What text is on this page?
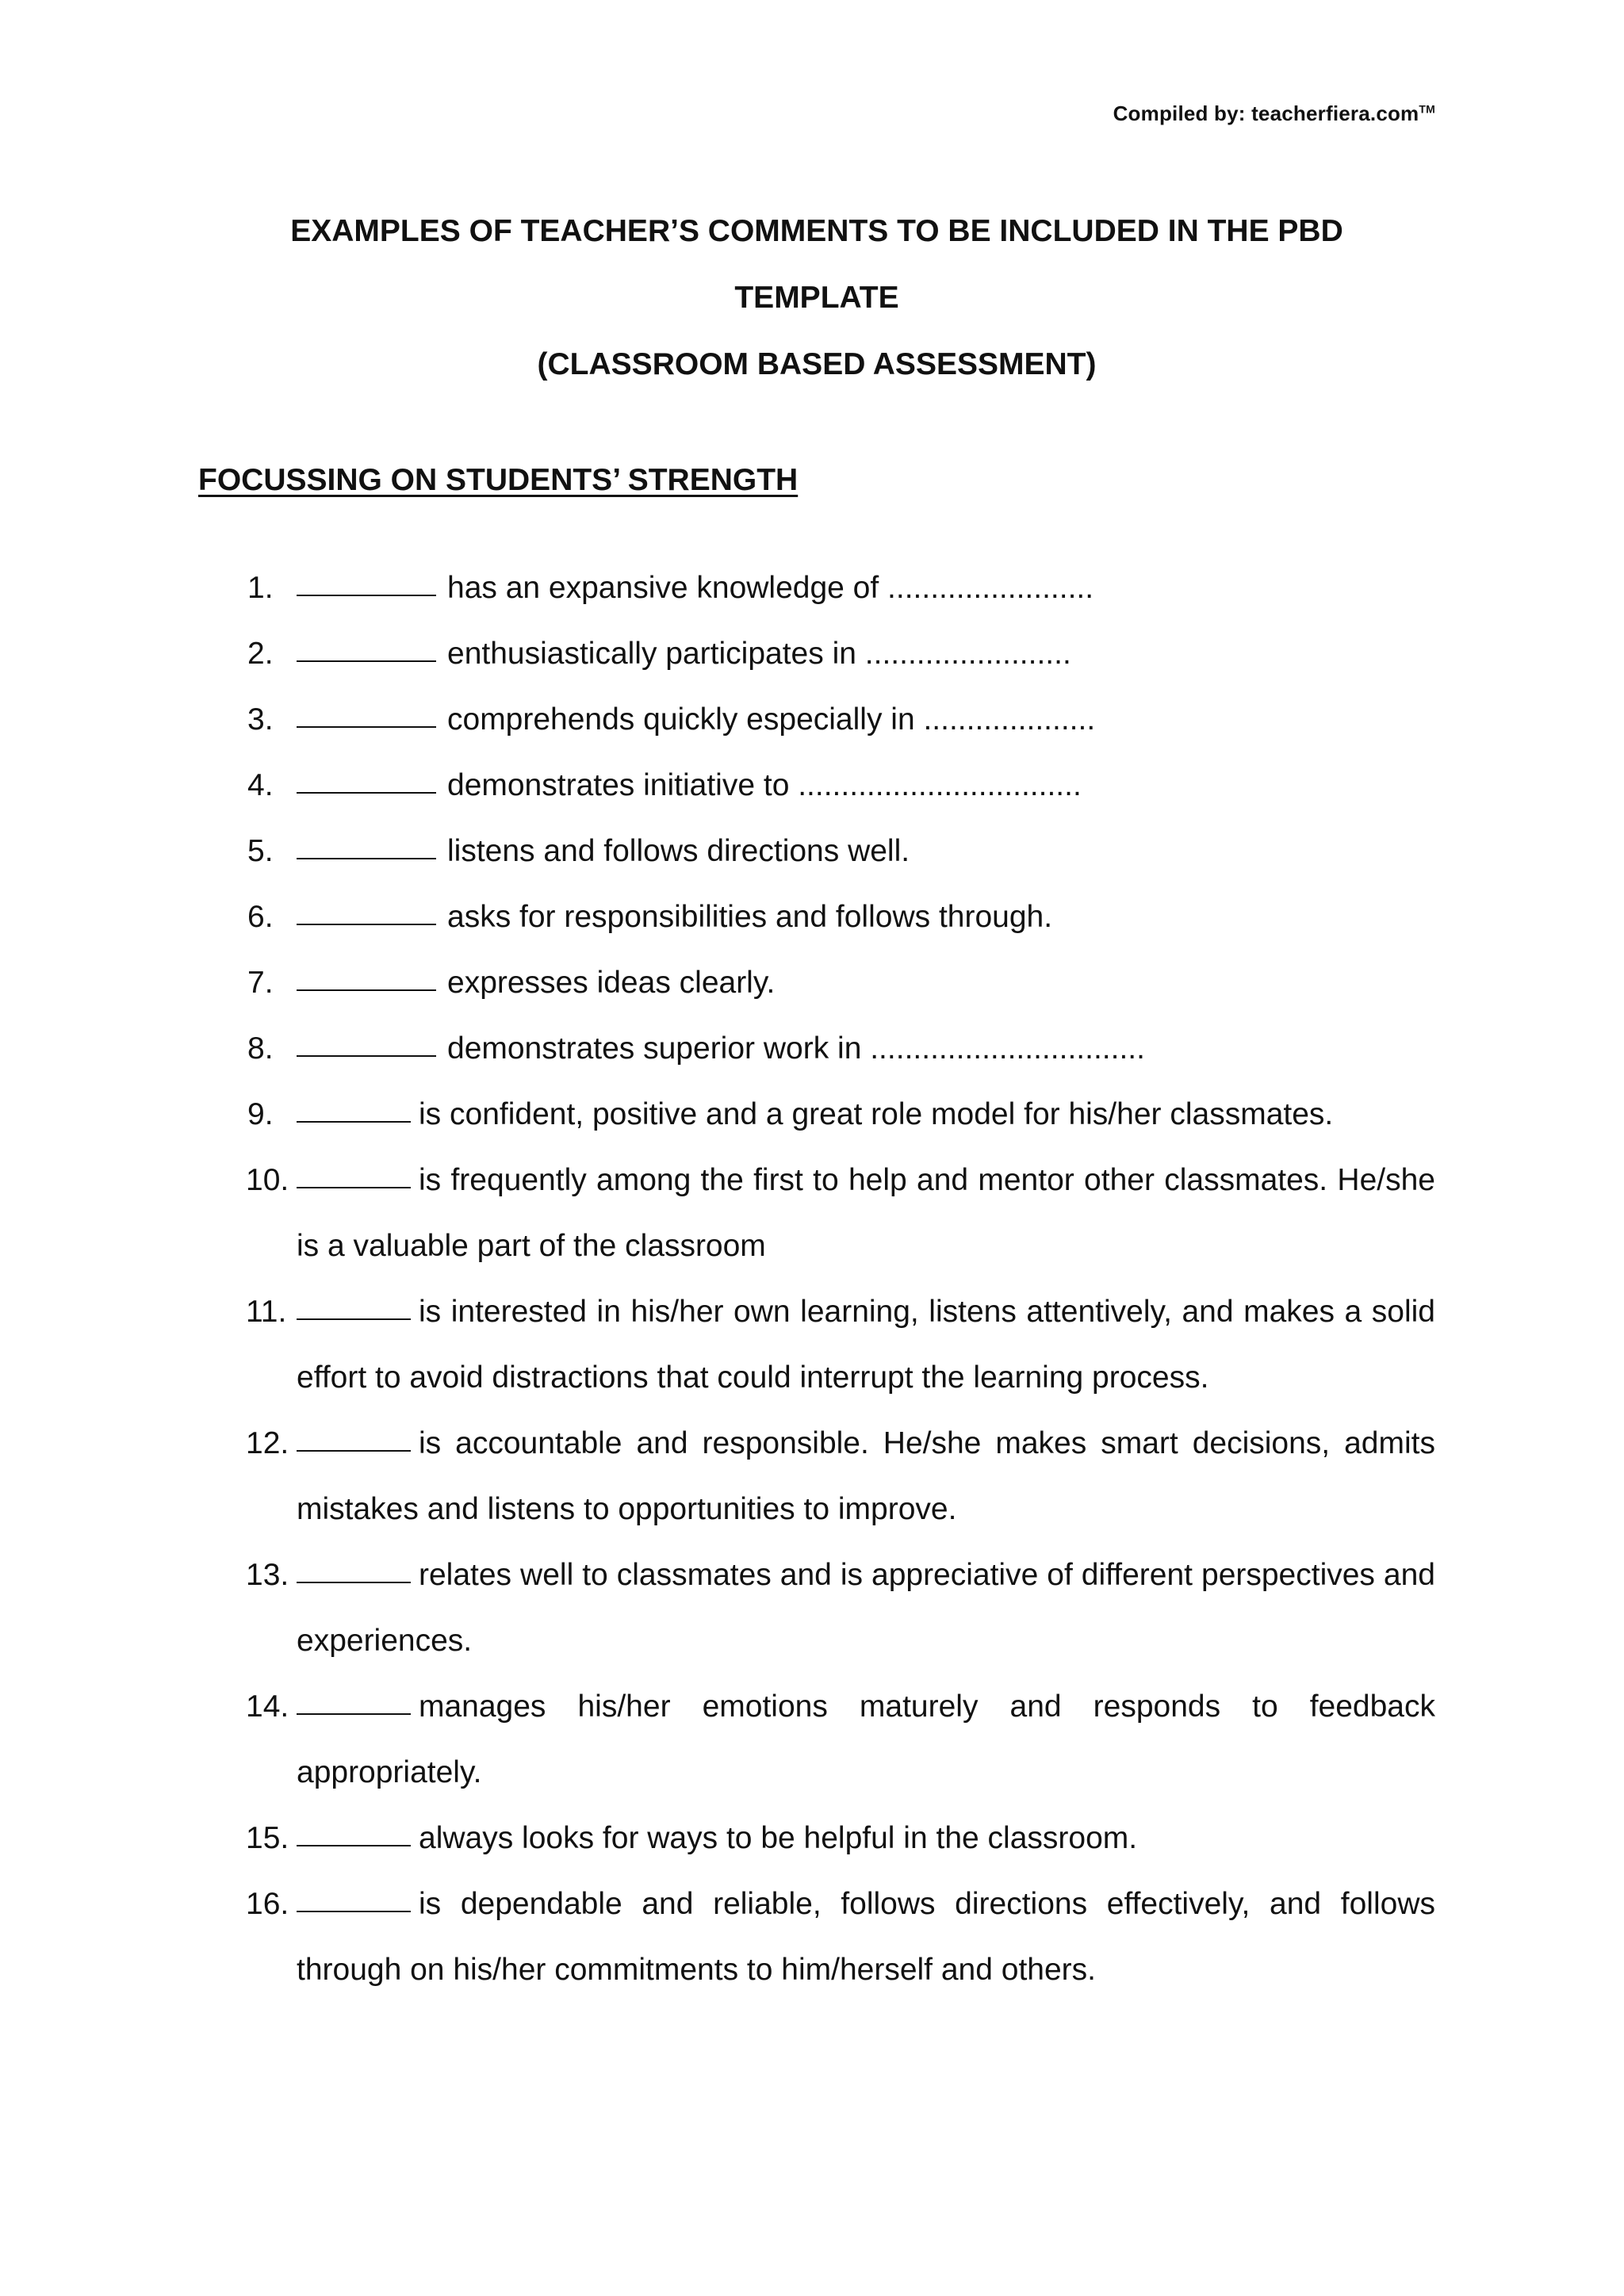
Compiled by: teacherfiera.com™
EXAMPLES OF TEACHER’S COMMENTS TO BE INCLUDED IN THE PBD
TEMPLATE
(CLASSROOM BASED ASSESSMENT)
FOCUSSING ON STUDENTS’ STRENGTH
1.	has an expansive knowledge of ........................
2.	enthusiastically participates in ........................
3.	comprehends quickly especially in ....................
4.	demonstrates initiative to .................................
5.	listens and follows directions well.
6.	asks for responsibilities and follows through.
7.	expresses ideas clearly.
8.	demonstrates superior work in ................................
9.	is confident, positive and a great role model for his/her classmates.
10.	is frequently among the first to help and mentor other classmates. He/she is a valuable part of the classroom
11.	is interested in his/her own learning, listens attentively, and makes a solid effort to avoid distractions that could interrupt the learning process.
12.	is accountable and responsible. He/she makes smart decisions, admits mistakes and listens to opportunities to improve.
13.	relates well to classmates and is appreciative of different perspectives and experiences.
14.	manages his/her emotions maturely and responds to feedback appropriately.
15.	always looks for ways to be helpful in the classroom.
16.	is dependable and reliable, follows directions effectively, and follows through on his/her commitments to him/herself and others.
